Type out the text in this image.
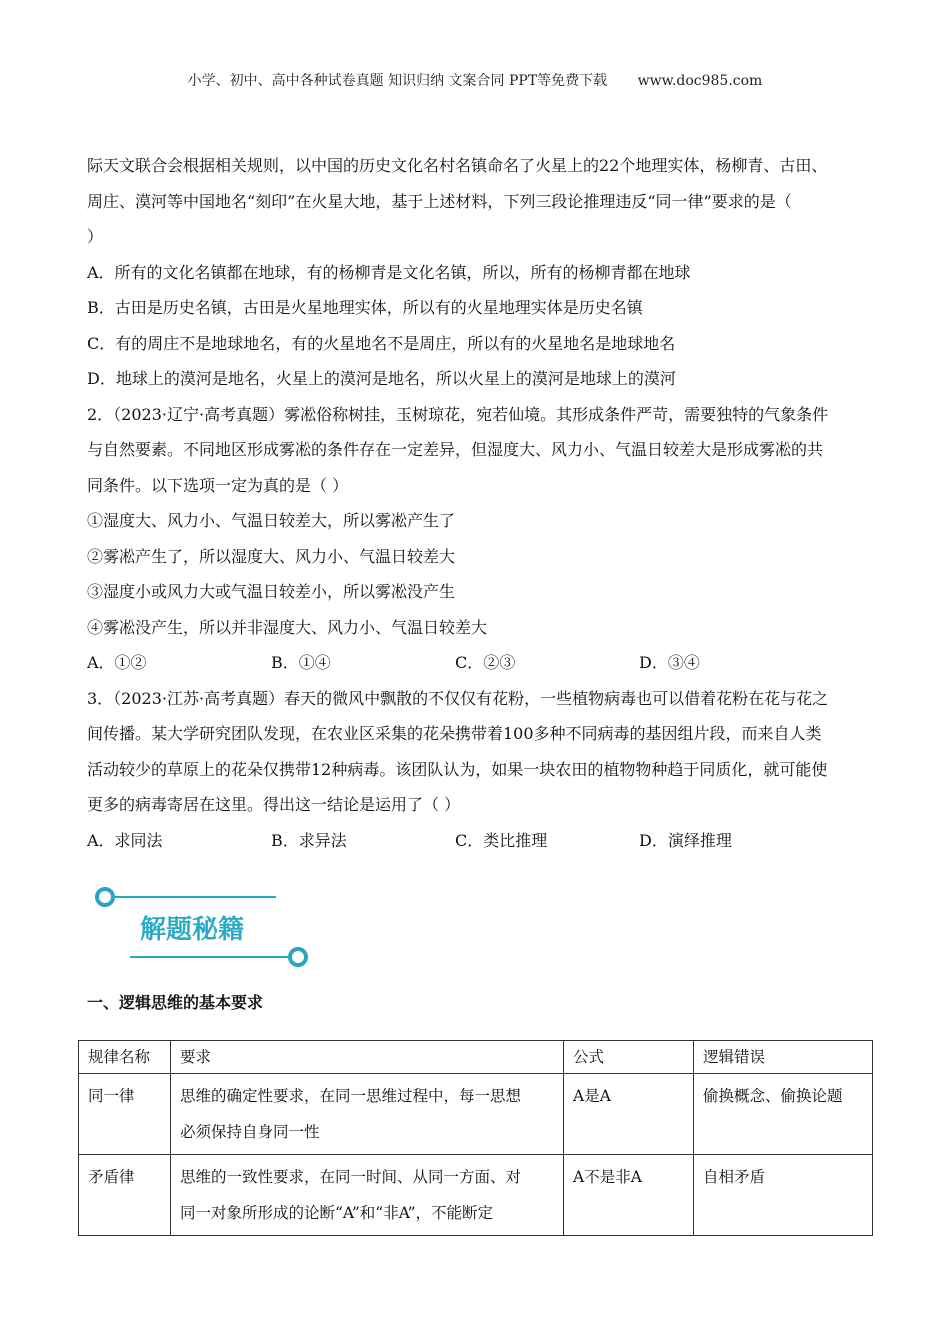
小学、初中、高中各种试卷真题 知识归纳 文案合同 PPT等免费下载 www.doc985.com
际天文联合会根据相关规则，以中国的历史文化名村名镇命名了火星上的22个地理实体，杨柳青、古田、
周庄、漠河等中国地名“刻印”在火星大地，基于上述材料，下列三段论推理违反“同一律”要求的是（
）
A．所有的文化名镇都在地球，有的杨柳青是文化名镇，所以，所有的杨柳青都在地球
B．古田是历史名镇，古田是火星地理实体，所以有的火星地理实体是历史名镇
C．有的周庄不是地球地名，有的火星地名不是周庄，所以有的火星地名是地球地名
D．地球上的漠河是地名，火星上的漠河是地名，所以火星上的漠河是地球上的漠河
2．（2023·辽宁·高考真题）雾凇俗称树挂，玉树琼花，宛若仙境。其形成条件严苛，需要独特的气象条件
与自然要素。不同地区形成雾凇的条件存在一定差异，但湿度大、风力小、气温日较差大是形成雾凇的共
同条件。以下选项一定为真的是（ ）
①湿度大、风力小、气温日较差大，所以雾凇产生了
②雾凇产生了，所以湿度大、风力小、气温日较差大
③湿度小或风力大或气温日较差小，所以雾凇没产生
④雾凇没产生，所以并非湿度大、风力小、气温日较差大
A．①②	B．①④	C．②③	D．③④
3．（2023·江苏·高考真题）春天的微风中飘散的不仅仅有花粉，一些植物病毒也可以借着花粉在花与花之
间传播。某大学研究团队发现，在农业区采集的花朵携带着100多种不同病毒的基因组片段，而来自人类
活动较少的草原上的花朵仅携带12种病毒。该团队认为，如果一块农田的植物物种趋于同质化，就可能使
更多的病毒寄居在这里。得出这一结论是运用了（ ）
A．求同法	B．求异法	C．类比推理	D．演绎推理
解题秘籍
一、逻辑思维的基本要求
规律名称	要求	公式	逻辑错误
同一律	思维的确定性要求，在同一思维过程中，每一思想
必须保持自身同一性	A是A	偷换概念、偷换论题
矛盾律	思维的一致性要求，在同一时间、从同一方面、对
同一对象所形成的论断“A”和“非A”，不能断定	A不是非A	自相矛盾
